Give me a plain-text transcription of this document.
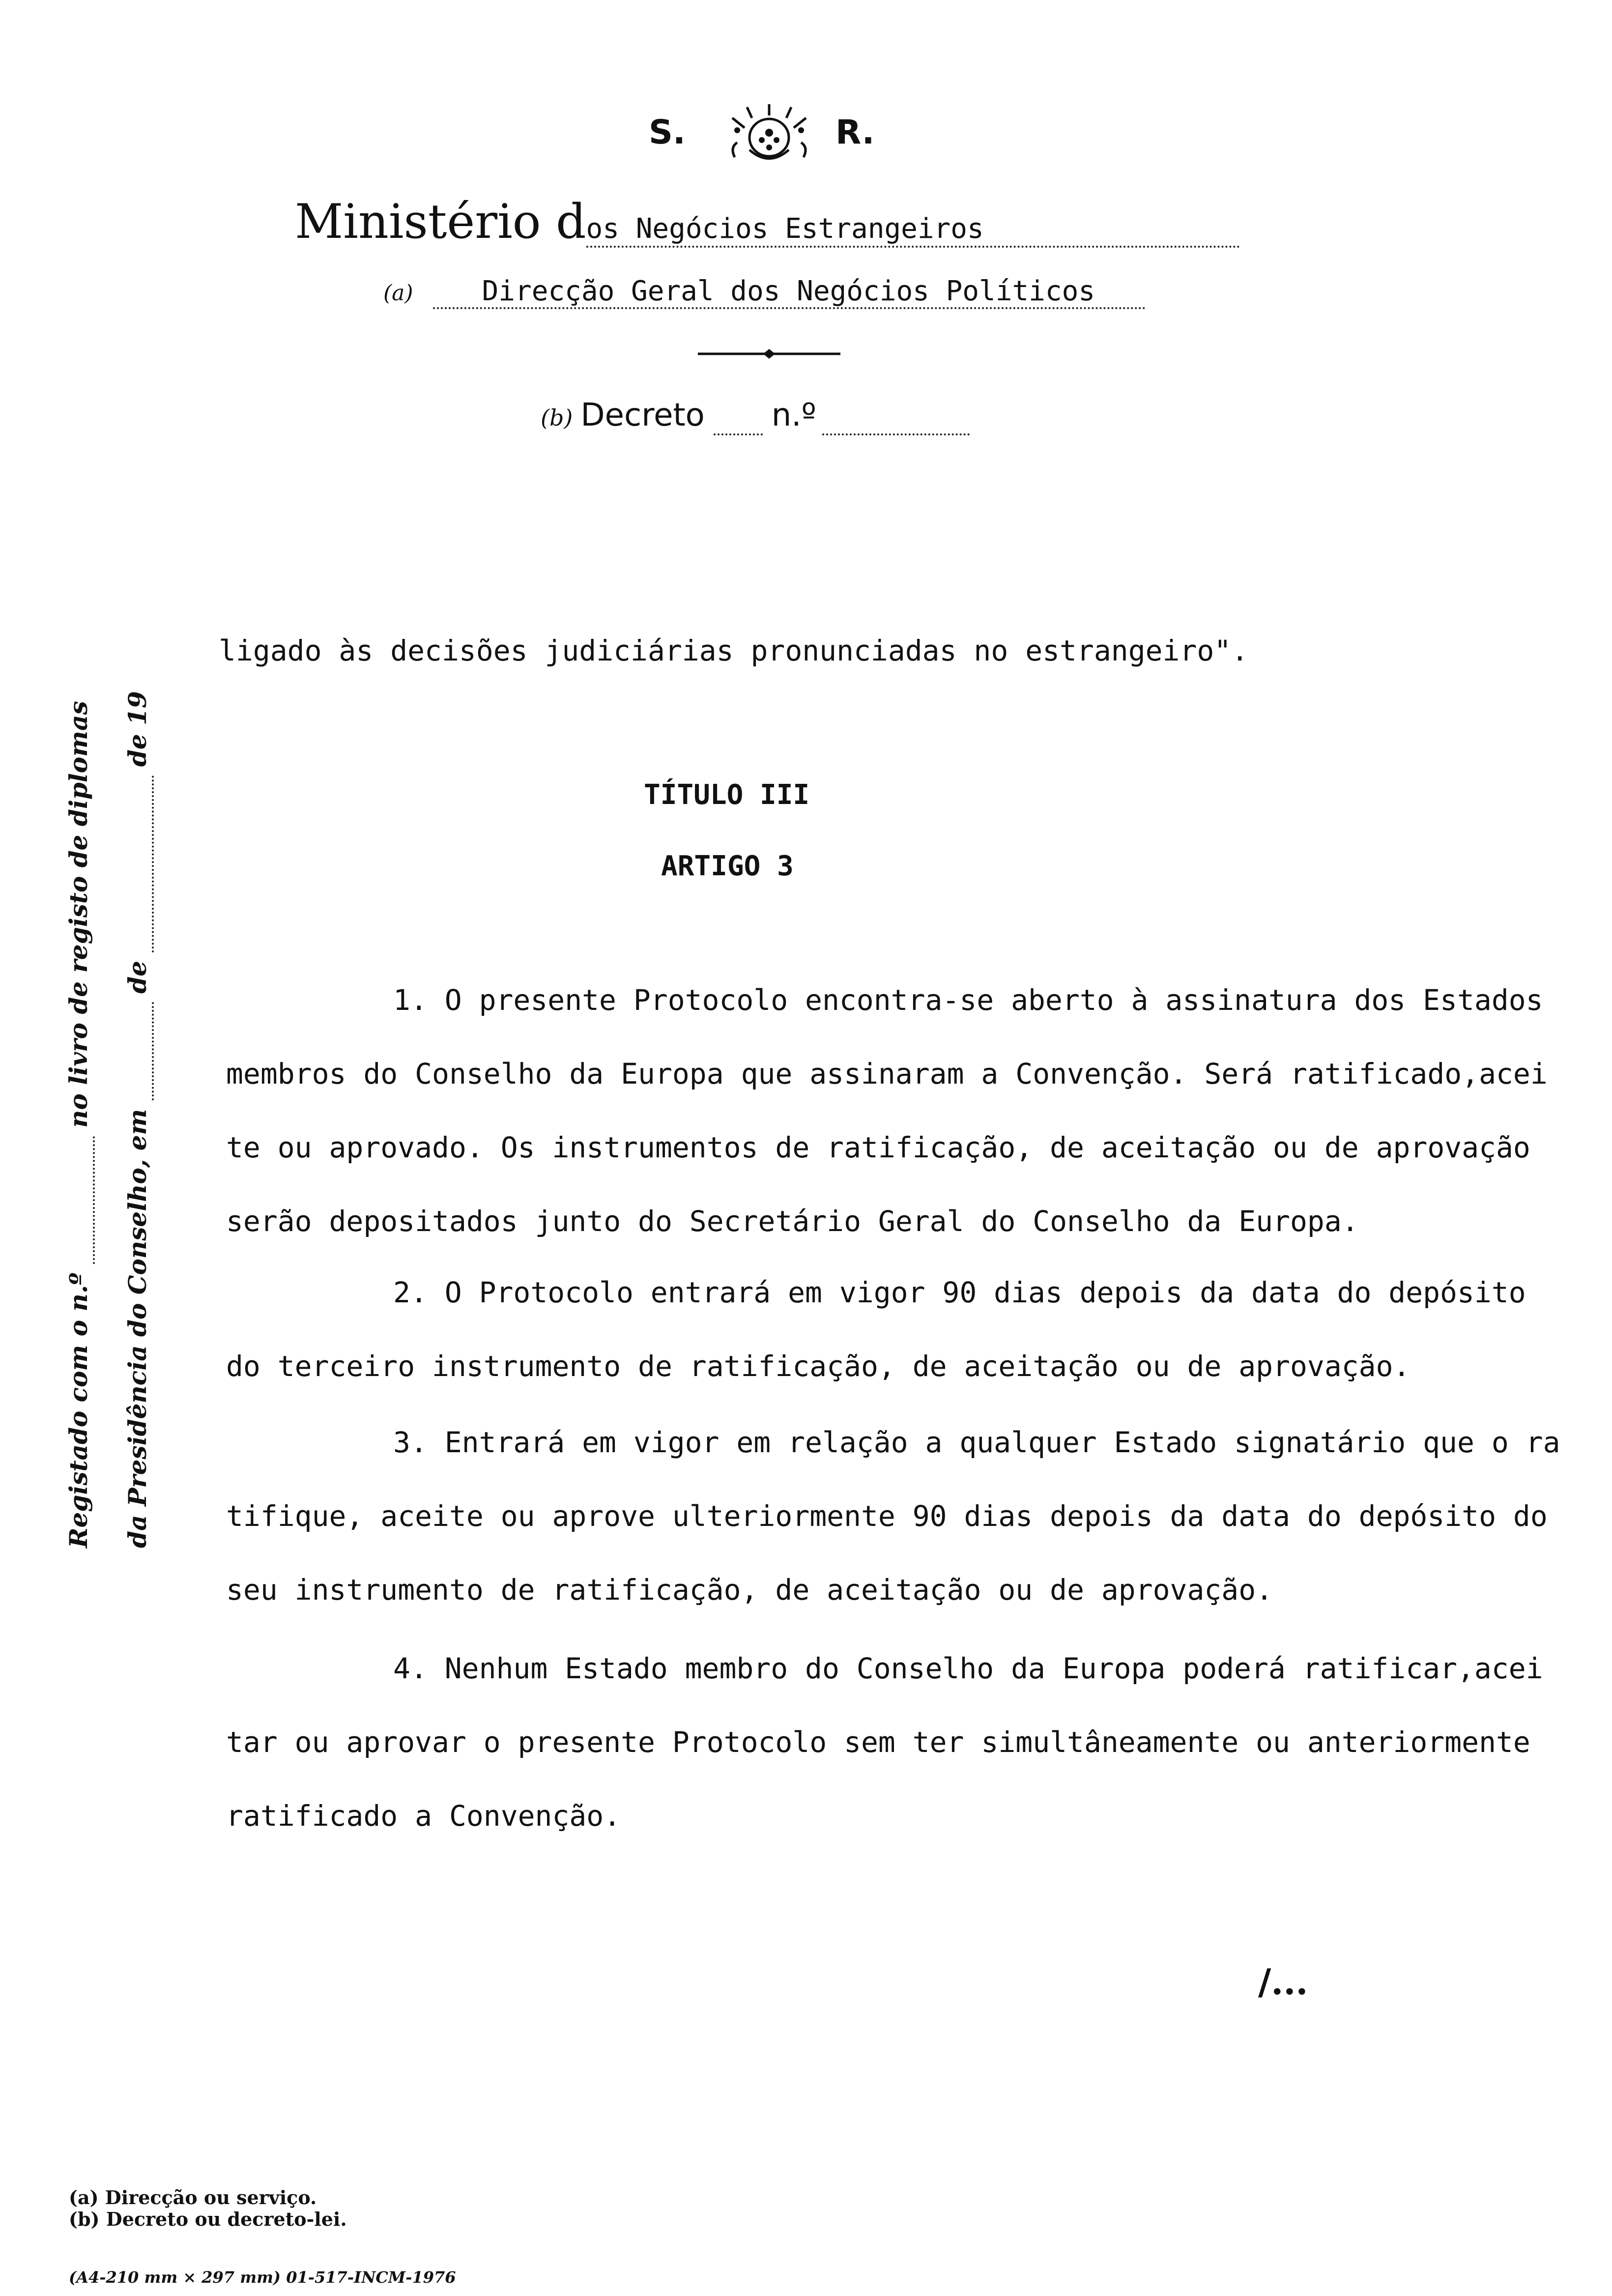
S.	R.
Ministério dos Negócios Estrangeiros
(a)	Direcção Geral dos Negócios Políticos
(b) Decreto n.º
Registado com o n.º   no livro de registo de diplomas
da Presidência do Conselho, em   de   de 19
ligado às decisões judiciárias pronunciadas no estrangeiro".
TÍTULO III
ARTIGO 3
1. O presente Protocolo encontra-se aberto à assinatura dos Estados
membros do Conselho da Europa que assinaram a Convenção. Será ratificado,acei
te ou aprovado. Os instrumentos de ratificação, de aceitação ou de aprovação
serão depositados junto do Secretário Geral do Conselho da Europa.
2. O Protocolo entrará em vigor 90 dias depois da data do depósito
do terceiro instrumento de ratificação, de aceitação ou de aprovação.
3. Entrará em vigor em relação a qualquer Estado signatário que o ra
tifique, aceite ou aprove ulteriormente 90 dias depois da data do depósito do
seu instrumento de ratificação, de aceitação ou de aprovação.
4. Nenhum Estado membro do Conselho da Europa poderá ratificar,acei
tar ou aprovar o presente Protocolo sem ter simultâneamente ou anteriormente
ratificado a Convenção.
/...
(a) Direcção ou serviço.
(b) Decreto ou decreto-lei.
(A4-210 mm × 297 mm) 01-517-INCM-1976
